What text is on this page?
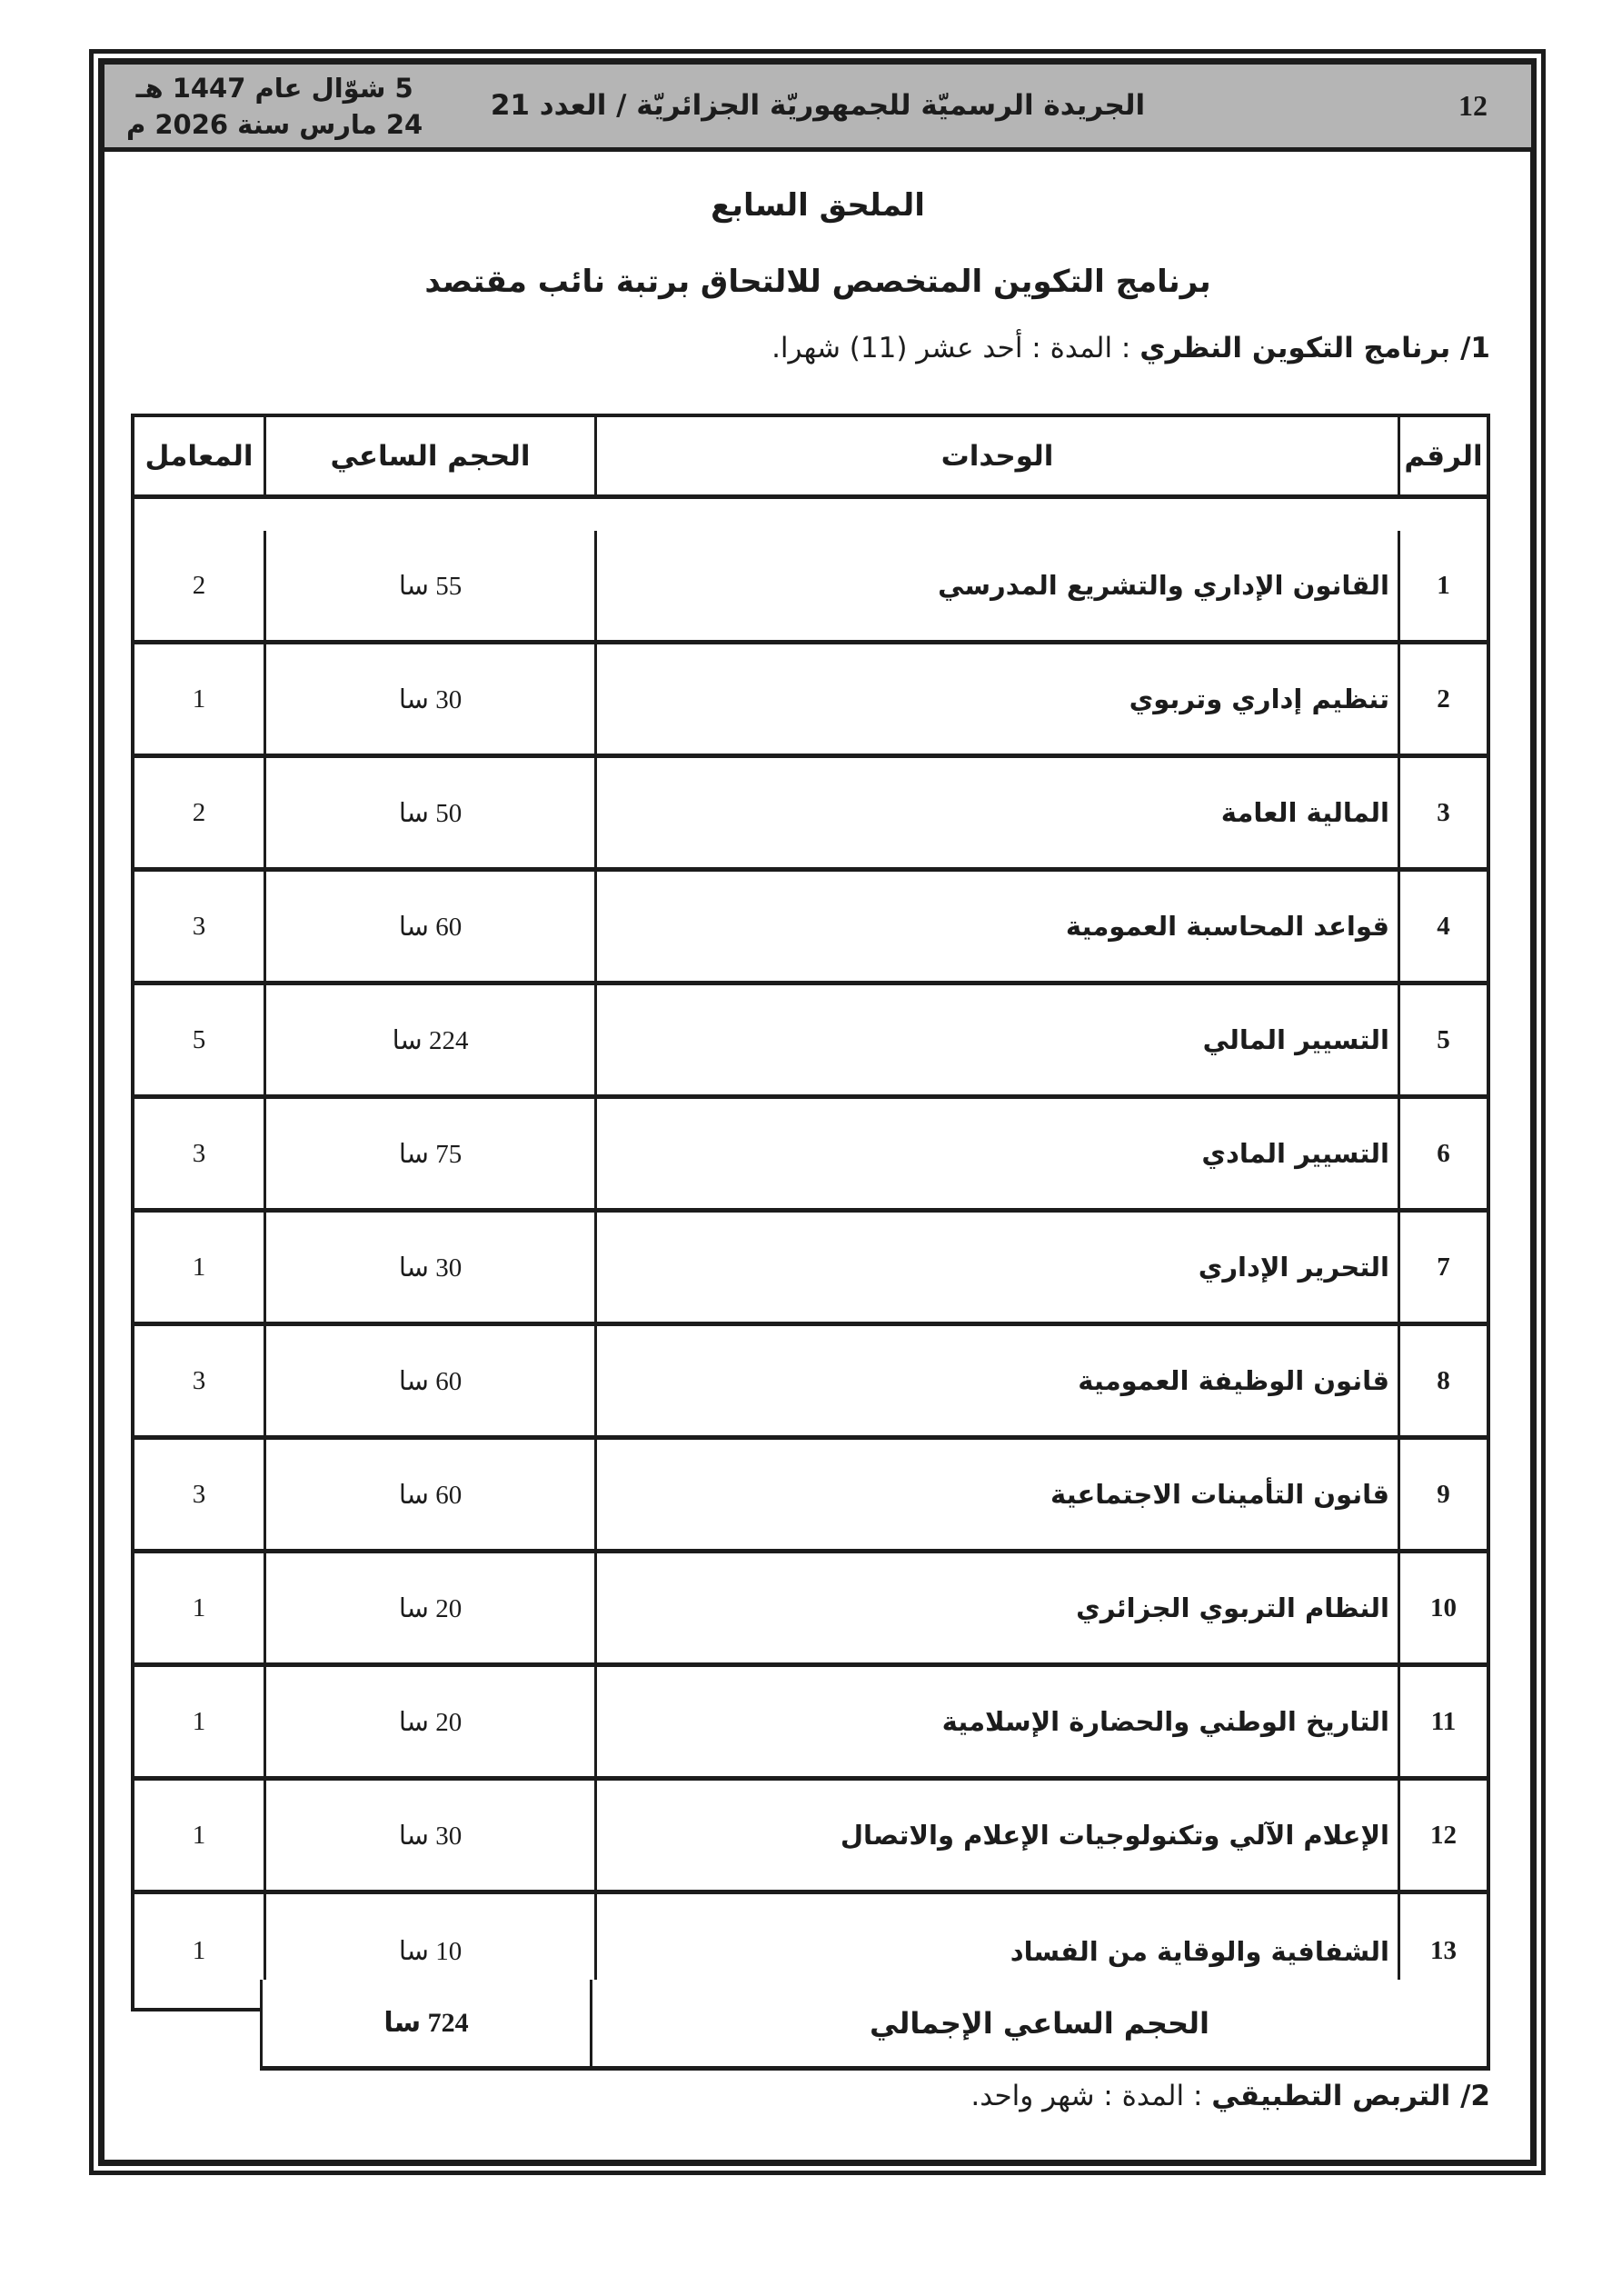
5 شوّال عام 1447 هـ
24 مارس سنة 2026 م
الجريدة الرسميّة للجمهوريّة الجزائريّة / العدد 21	12
الملحق السابع
برنامج التكوين المتخصص للالتحاق برتبة نائب مقتصد
1/ برنامج التكوين النظري : المدة : أحد عشر (11) شهرا.
الرقم
الوحدات
الحجم الساعي
المعامل
1
القانون الإداري والتشريع المدرسي
55 سا
2
2
تنظيم إداري وتربوي
30 سا
1
3
المالية العامة
50 سا
2
4
قواعد المحاسبة العمومية
60 سا
3
5
التسيير المالي
224 سا
5
6
التسيير المادي
75 سا
3
7
التحرير الإداري
30 سا
1
8
قانون الوظيفة العمومية
60 سا
3
9
قانون التأمينات الاجتماعية
60 سا
3
10
النظام التربوي الجزائري
20 سا
1
11
التاريخ الوطني والحضارة الإسلامية
20 سا
1
12
الإعلام الآلي وتكنولوجيات الإعلام والاتصال
30 سا
1
13
الشفافية والوقاية من الفساد
10 سا
1
الحجم الساعي الإجمالي
724 سا
2/ التربص التطبيقي : المدة : شهر واحد.
